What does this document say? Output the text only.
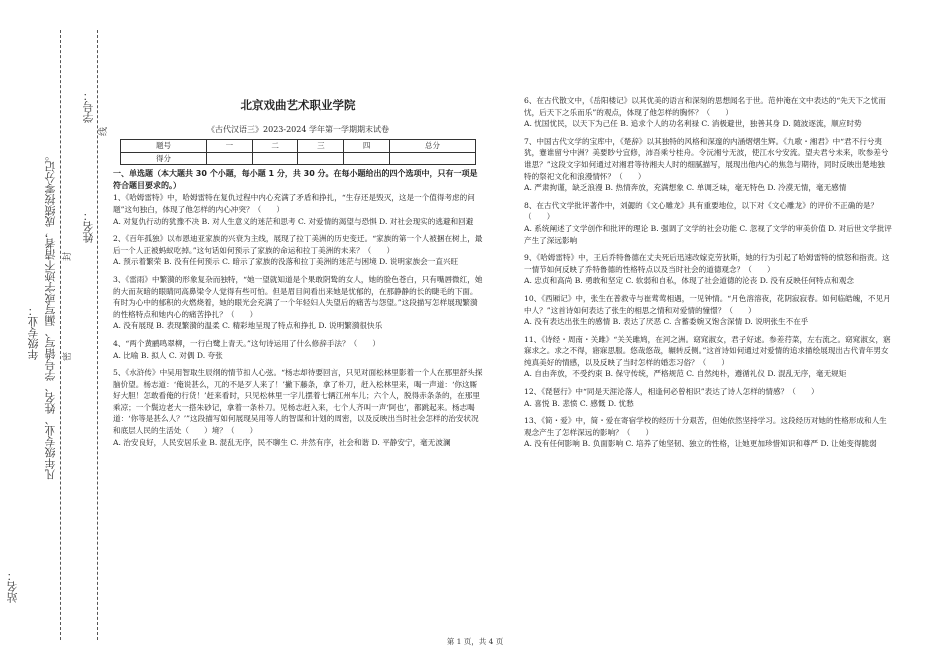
姓名：
学号：
站名：
年级专业： 凡年级专业、姓名、学号错写、漏写或字迹不清者，成绩按零分记。 封
密
线
北京戏曲艺术职业学院
《古代汉语三》2023-2024 学年第一学期期末试卷
题号	一	二	三	四	总分
得分					
一、单选题（本大题共 30 个小题，每小题 1 分，共 30 分。在每小题给出的四个选项中，只有一项是符合题目要求的。）

1、《哈姆雷特》中，哈姆雷特在复仇过程中内心充满了矛盾和挣扎，“生存还是毁灭，这是一个值得考虑的问题”这句独白，体现了他怎样的内心冲突？（　　）

A. 对复仇行动的犹豫不决 B. 对人生意义的迷茫和思考 C. 对爱情的渴望与恐惧 D. 对社会现实的逃避和回避

2、《百年孤独》以布恩迪亚家族的兴衰为主线，展现了拉丁美洲的历史变迁。“家族的第一个人被捆在树上，最后一个人正被蚂蚁吃掉。”这句话如何预示了家族的命运和拉丁美洲的未来？（　　）

A. 预示着繁荣 B. 没有任何预示 C. 暗示了家族的没落和拉丁美洲的迷茫与困境 D. 说明家族会一直兴旺

3、《雷雨》中繁漪的形象复杂而独特，“她一望就知道是个果敢阴鸷的女人，她的脸色苍白，只有嘴唇微红，她的大而灰暗的眼睛同高鼻梁令人觉得有些可怕。但是眉目间看出来她是忧郁的，在那静静的长的睫毛的下面。有时为心中的郁积的火燃烧着，她的眼光会充满了一个年轻妇人失望后的痛苦与怨望。”这段描写怎样展现繁漪的性格特点和她内心的痛苦挣扎？（　　）

A. 没有展现 B. 表现繁漪的温柔 C. 精彩地呈现了特点和挣扎 D. 说明繁漪很快乐

4、“两个黄鹂鸣翠柳，一行白鹭上青天。”这句诗运用了什么修辞手法？（　　）

A. 比喻 B. 拟人 C. 对偶 D. 夸张

5、《水浒传》中吴用智取生辰纲的情节扣人心弦。“杨志却待要回言，只见对面松林里影着一个人在那里舒头探脑价望。杨志道：‘俺说甚么，兀的不是歹人来了！’撇下藤条，拿了朴刀，赶入松林里来，喝一声道：‘你这厮好大胆！怎敢看俺的行货！’赶来看时，只见松林里一字儿摆着七辆江州车儿；六个人，脱得赤条条的，在那里乘凉；一个鬓边老大一搭朱砂记，拿着一条朴刀。见杨志赶入来，七个人齐叫一声‘阿也’，都跳起来。杨志喝道：‘你等是甚么人？’”这段描写如何展现吴用等人的智谋和计划的周密，以及反映出当时社会怎样的治安状况和底层人民的生活处（　　）境？（　　）

A. 治安良好，人民安居乐业 B. 混乱无序，民不聊生 C. 井然有序，社会和谐 D. 平静安宁，毫无波澜

6、在古代散文中，《岳阳楼记》以其优美的语言和深刻的思想闻名于世。范仲淹在文中表达的“先天下之忧而忧，后天下之乐而乐”的观点，体现了他怎样的胸怀？（　　）

A. 忧国忧民，以天下为己任 B. 追求个人的功名利禄 C. 消极避世，独善其身 D. 随波逐流，顺应时势

7、中国古代文学的宝库中，《楚辞》以其独特的风格和深邃的内涵熠熠生辉。《九歌・湘君》中“君不行兮夷犹，蹇谁留兮中洲？美要眇兮宜修，沛吾乘兮桂舟。令沅湘兮无波，使江水兮安流。望夫君兮未来，吹参差兮谁思？”这段文字如何通过对湘君等待湘夫人时的细腻描写，展现出他内心的焦急与期待，同时反映出楚地独特的祭祀文化和浪漫情怀？（　　）

A. 严肃拘谨，缺乏浪漫 B. 热情奔放，充满想象 C. 单调乏味，毫无特色 D. 冷漠无情，毫无感情

8、在古代文学批评著作中，刘勰的《文心雕龙》具有重要地位，以下对《文心雕龙》的评价不正确的是？（　　）

A. 系统阐述了文学创作和批评的理论 B. 强调了文学的社会功能 C. 忽视了文学的审美价值 D. 对后世文学批评产生了深远影响

9、《哈姆雷特》中，王后乔特鲁德在丈夫死后迅速改嫁克劳狄斯，她的行为引起了哈姆雷特的愤怒和指责。这一情节如何反映了乔特鲁德的性格特点以及当时社会的道德观念？（　　）

A. 忠贞和高尚 B. 勇敢和坚定 C. 软弱和自私，体现了社会道德的沦丧 D. 没有反映任何特点和观念

10、《西厢记》中，张生在普救寺与崔莺莺相遇，一见钟情。“月色溶溶夜，花阴寂寂春。如何临皓魄，不见月中人？”这首诗如何表达了张生的相思之情和对爱情的憧憬？（　　）

A. 没有表达出张生的感情 B. 表达了厌恶 C. 含蓄委婉又饱含深情 D. 说明张生不在乎

11、《诗经・周南・关雎》“关关雎鸠，在河之洲。窈窕淑女，君子好逑。参差荇菜，左右流之。窈窕淑女，寤寐求之。求之不得，寤寐思服。悠哉悠哉，辗转反侧。”这首诗如何通过对爱情的追求描绘展现出古代青年男女纯真美好的情感，以及反映了当时怎样的婚恋习俗？（　　）

A. 自由奔放，不受约束 B. 保守传统，严格规范 C. 自然纯朴，遵循礼仪 D. 混乱无序，毫无规矩

12、《琵琶行》中“同是天涯沦落人，相逢何必曾相识”表达了诗人怎样的情感？（　　）

A. 喜悦 B. 悲愤 C. 感慨 D. 忧愁

13、《简・爱》中，简・爱在寄宿学校的经历十分艰苦，但她依然坚持学习。这段经历对她的性格形成和人生观念产生了怎样深远的影响？（　　）

A. 没有任何影响 B. 负面影响 C. 培养了她坚韧、独立的性格，让她更加珍惜知识和尊严 D. 让她变得脆弱

第 1 页，共 4 页
